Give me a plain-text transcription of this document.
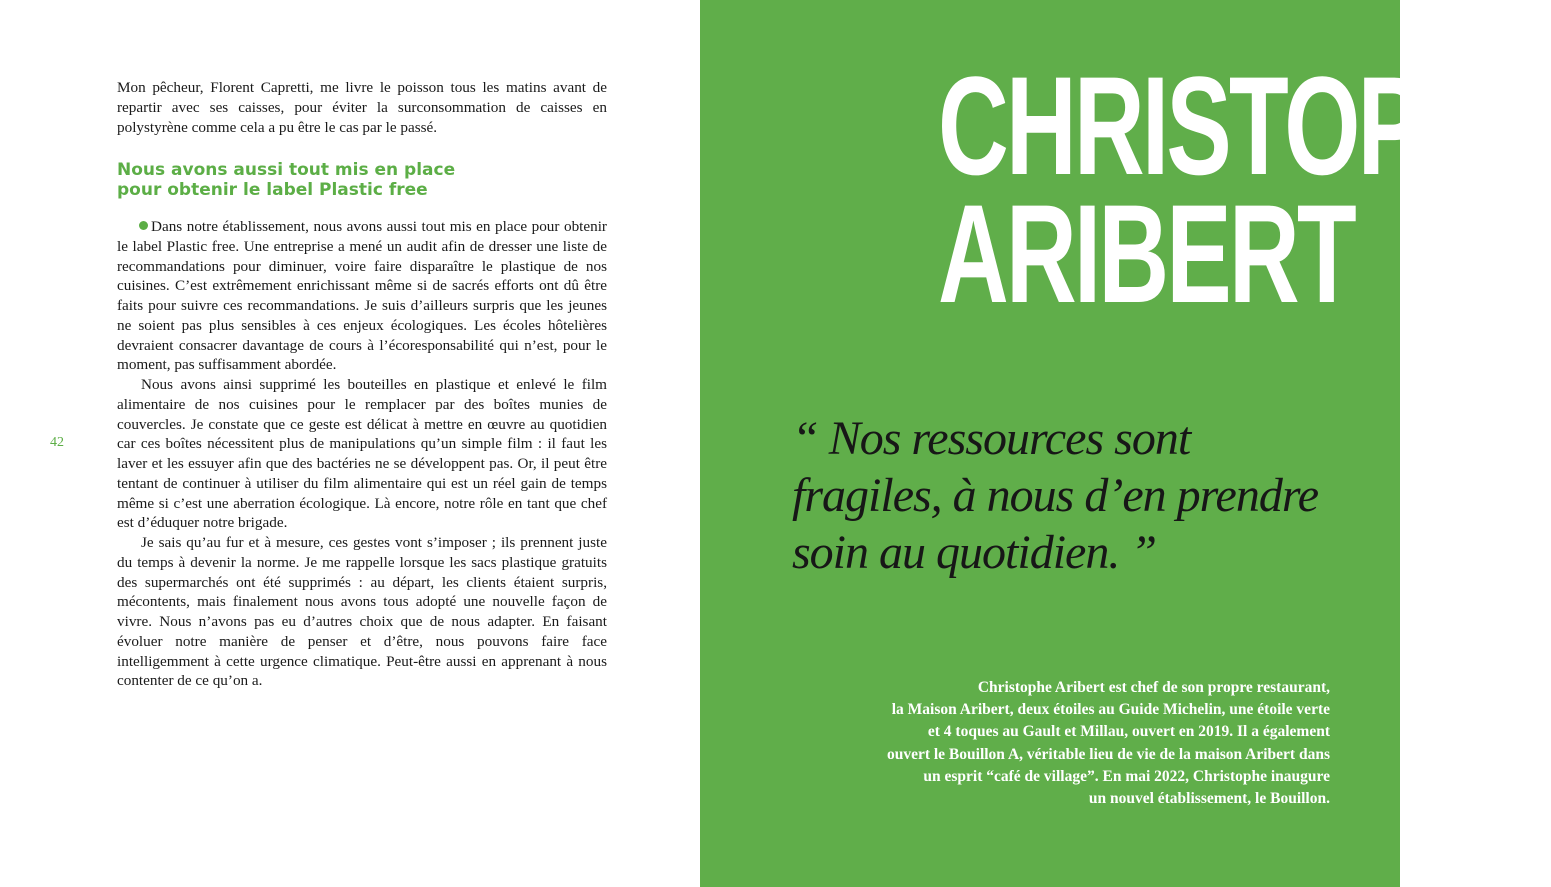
42

Mon pêcheur, Florent Capretti, me livre le poisson tous les matins avant de repartir avec ses caisses, pour éviter la surconsommation de caisses en polystyrène comme cela a pu être le cas par le passé.

Nous avons aussi tout mis en place
pour obtenir le label Plastic free

Dans notre établissement, nous avons aussi tout mis en place pour obtenir le label Plastic free. Une entreprise a mené un audit afin de dresser une liste de recommandations pour diminuer, voire faire disparaître le plastique de nos cuisines. C’est extrêmement enrichissant même si de sacrés efforts ont dû être faits pour suivre ces recommandations. Je suis d’ailleurs surpris que les jeunes ne soient pas plus sensibles à ces enjeux écologiques. Les écoles hôtelières devraient consacrer davantage de cours à l’écoresponsabilité qui n’est, pour le moment, pas suffisamment abordée.

Nous avons ainsi supprimé les bouteilles en plastique et enlevé le film alimentaire de nos cuisines pour le remplacer par des boîtes munies de couvercles. Je constate que ce geste est délicat à mettre en œuvre au quotidien car ces boîtes nécessitent plus de manipulations qu’un simple film : il faut les laver et les essuyer afin que des bactéries ne se développent pas. Or, il peut être tentant de continuer à utiliser du film alimentaire qui est un réel gain de temps même si c’est une aberration écologique. Là encore, notre rôle en tant que chef est d’éduquer notre brigade.

Je sais qu’au fur et à mesure, ces gestes vont s’imposer ; ils prennent juste du temps à devenir la norme. Je me rappelle lorsque les sacs plastique gratuits des supermarchés ont été supprimés : au départ, les clients étaient surpris, mécontents, mais finalement nous avons tous adopté une nouvelle façon de vivre. Nous n’avons pas eu d’autres choix que de nous adapter. En faisant évoluer notre manière de penser et d’être, nous pouvons faire face intelligemment à cette urgence climatique. Peut-être aussi en apprenant à nous contenter de ce qu’on a.

CHRISTOPHE
ARIBERT
“ Nos ressources sont
fragiles, à nous d’en prendre
soin au quotidien. ”
Christophe Aribert est chef de son propre restaurant,
la Maison Aribert, deux étoiles au Guide Michelin, une étoile verte
et 4 toques au Gault et Millau, ouvert en 2019. Il a également
ouvert le Bouillon A, véritable lieu de vie de la maison Aribert dans
un esprit “café de village”. En mai 2022, Christophe inaugure
un nouvel établissement, le Bouillon.
